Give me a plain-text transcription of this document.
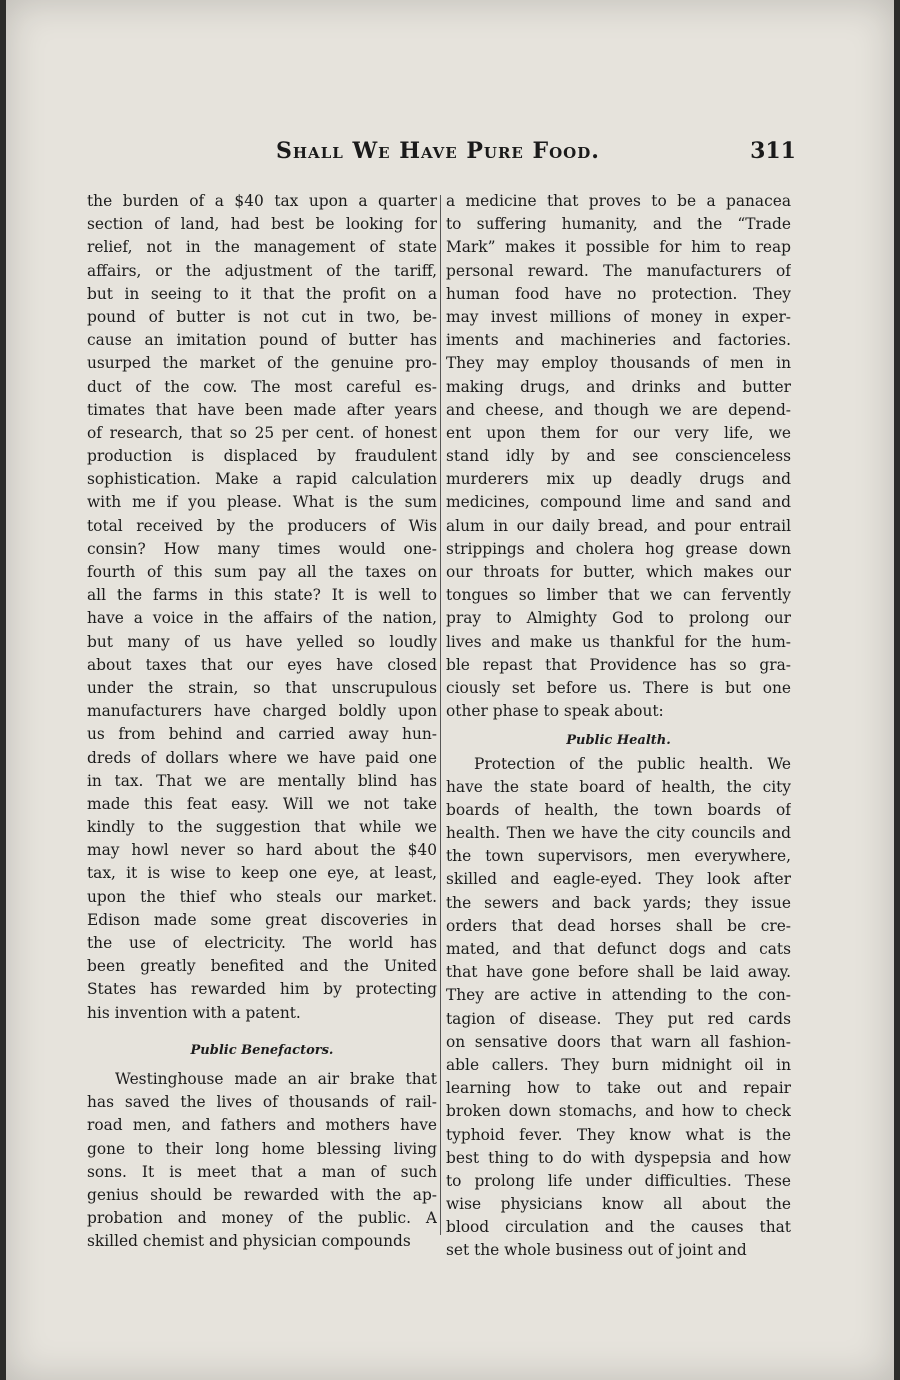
Shall We Have Pure Food.	311
the burden of a $40 tax upon a quarter
section of land, had best be looking for
relief, not in the management of state
affairs, or the adjustment of the tariff,
but in seeing to it that the profit on a
pound of butter is not cut in two, be-
cause an imitation pound of butter has
usurped the market of the genuine pro-
duct of the cow. The most careful es-
timates that have been made after years
of research, that so 25 per cent. of honest
production is displaced by fraudulent
sophistication. Make a rapid calculation
with me if you please. What is the sum
total received by the producers of Wis
consin? How many times would one-
fourth of this sum pay all the taxes on
all the farms in this state? It is well to
have a voice in the affairs of the nation,
but many of us have yelled so loudly
about taxes that our eyes have closed
under the strain, so that unscrupulous
manufacturers have charged boldly upon
us from behind and carried away hun-
dreds of dollars where we have paid one
in tax. That we are mentally blind has
made this feat easy. Will we not take
kindly to the suggestion that while we
may howl never so hard about the $40
tax, it is wise to keep one eye, at least,
upon the thief who steals our market.
Edison made some great discoveries in
the use of electricity. The world has
been greatly benefited and the United
States has rewarded him by protecting
his invention with a patent.
Public Benefactors.
Westinghouse made an air brake that
has saved the lives of thousands of rail-
road men, and fathers and mothers have
gone to their long home blessing living
sons. It is meet that a man of such
genius should be rewarded with the ap-
probation and money of the public. A
skilled chemist and physician compounds
a medicine that proves to be a panacea
to suffering humanity, and the “Trade
Mark” makes it possible for him to reap
personal reward. The manufacturers of
human food have no protection. They
may invest millions of money in exper-
iments and machineries and factories.
They may employ thousands of men in
making drugs, and drinks and butter
and cheese, and though we are depend-
ent upon them for our very life, we
stand idly by and see conscienceless
murderers mix up deadly drugs and
medicines, compound lime and sand and
alum in our daily bread, and pour entrail
strippings and cholera hog grease down
our throats for butter, which makes our
tongues so limber that we can fervently
pray to Almighty God to prolong our
lives and make us thankful for the hum-
ble repast that Providence has so gra-
ciously set before us. There is but one
other phase to speak about:
Public Health.
Protection of the public health. We
have the state board of health, the city
boards of health, the town boards of
health. Then we have the city councils and
the town supervisors, men everywhere,
skilled and eagle-eyed. They look after
the sewers and back yards; they issue
orders that dead horses shall be cre-
mated, and that defunct dogs and cats
that have gone before shall be laid away.
They are active in attending to the con-
tagion of disease. They put red cards
on sensative doors that warn all fashion-
able callers. They burn midnight oil in
learning how to take out and repair
broken down stomachs, and how to check
typhoid fever. They know what is the
best thing to do with dyspepsia and how
to prolong life under difficulties. These
wise physicians know all about the
blood circulation and the causes that
set the whole business out of joint and
